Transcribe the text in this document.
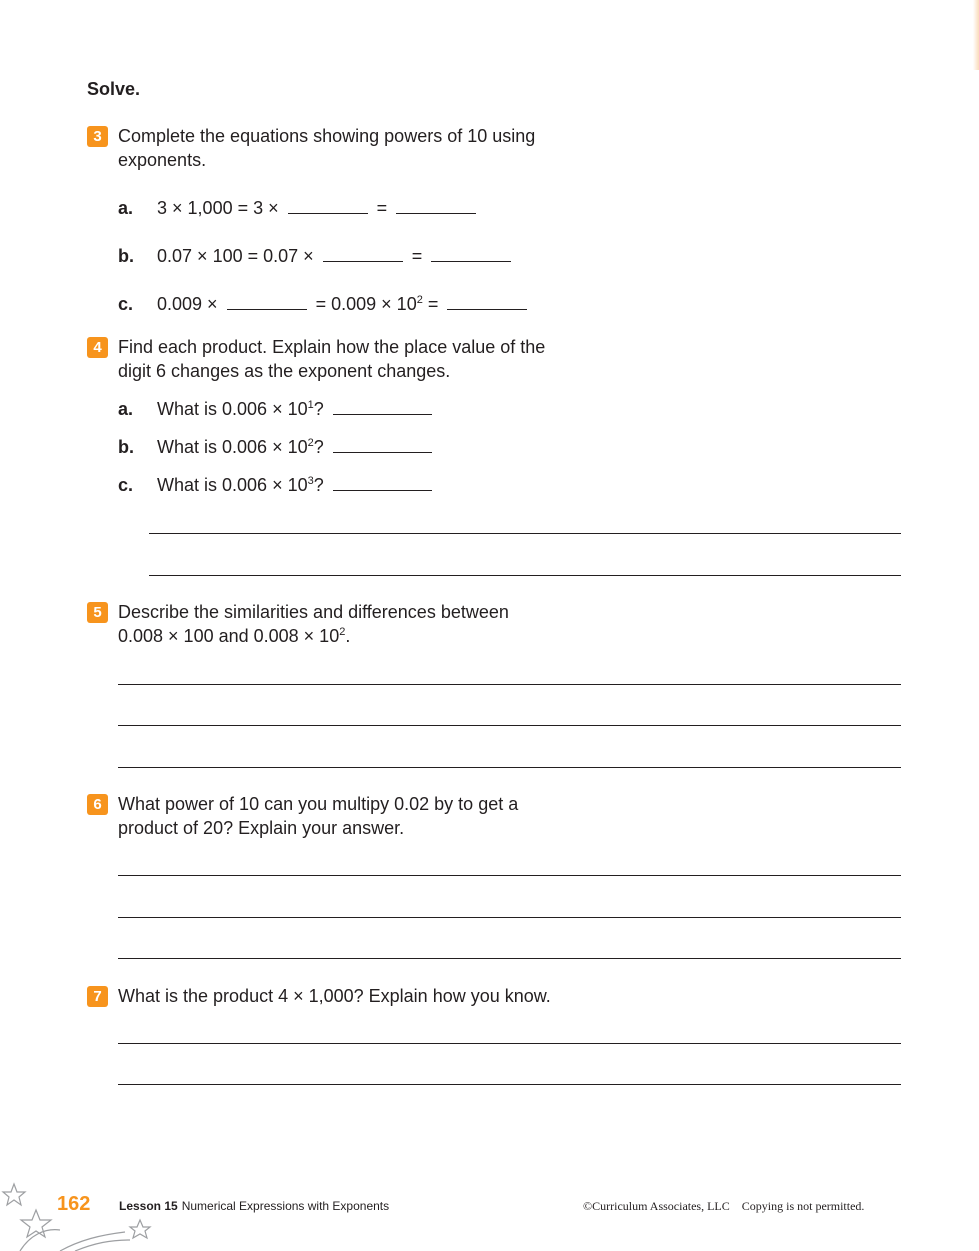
Solve.
3 Complete the equations showing powers of 10 using exponents.
a. 3 × 1,000 = 3 ×	=
b. 0.07 × 100 = 0.07 ×	=
c. 0.009 ×	= $0.009 \times 10^2$ =
4 Find each product. Explain how the place value of the digit 6 changes as the exponent changes.
a. What is $0.006 \times 10^1$?
b. What is $0.006 \times 10^2$?
c. What is $0.006 \times 10^3$?
5 Describe the similarities and differences between
0.008 × 100 and $0.008 \times 10^2$.
6 What power of 10 can you multipy 0.02 by to get a product of 20? Explain your answer.
7 What is the product 4 × 1,000? Explain how you know.
162 Lesson 15 Numerical Expressions with Exponents	©Curriculum Associates, LLC Copying is not permitted.
